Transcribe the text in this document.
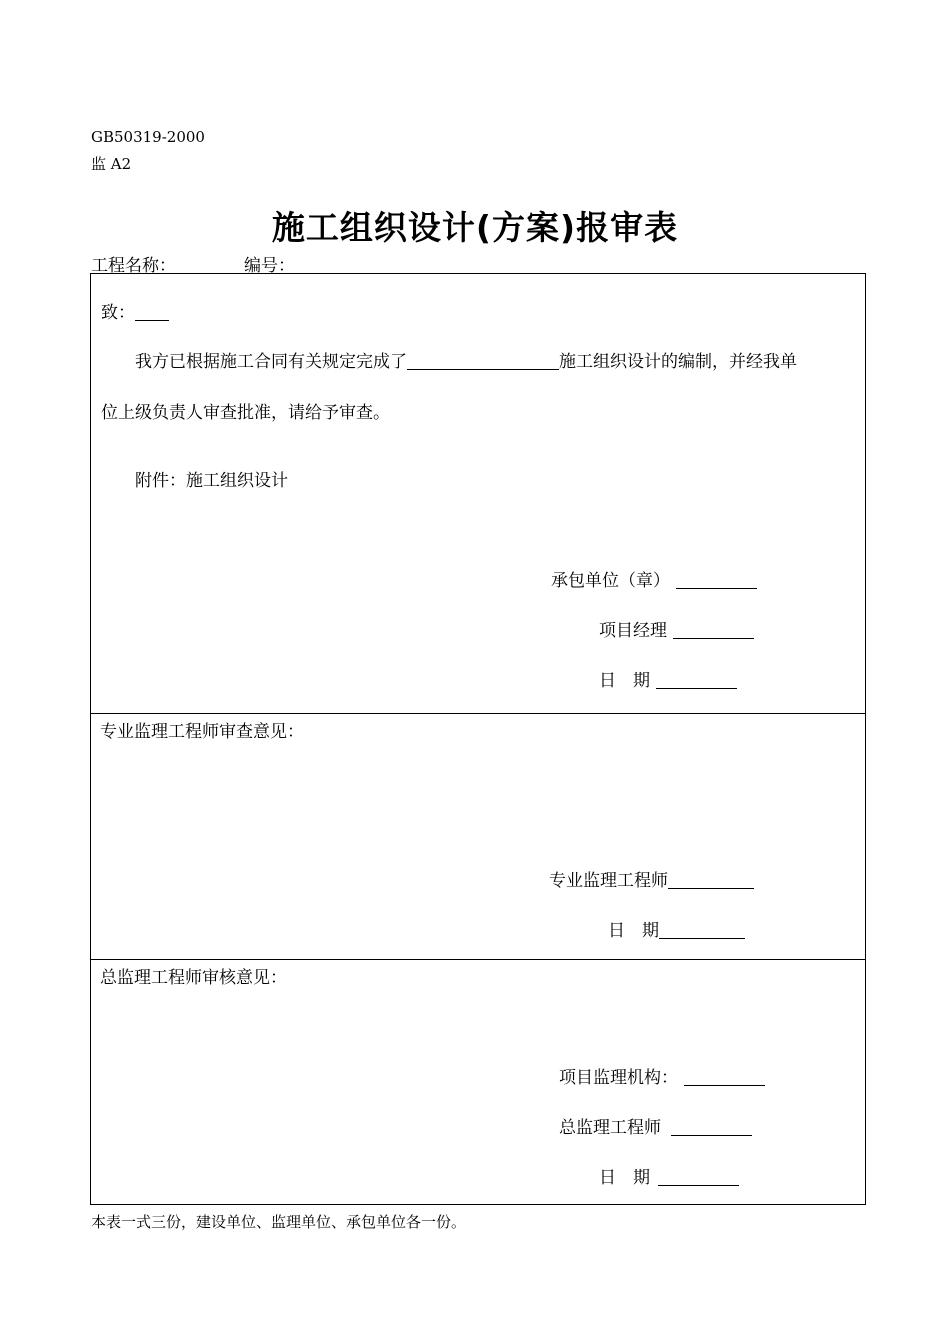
GB50319-2000
监 A2
施工组织设计(方案)报审表
工程名称：	编号：
致：
我方已根据施工合同有关规定完成了	施工组织设计的编制，并经我单
位上级负责人审查批准，请给予审查。
附件：施工组织设计
承包单位（章）
项目经理
日　期
专业监理工程师审查意见：
专业监理工程师
日　期
总监理工程师审核意见：
项目监理机构：
总监理工程师
日　期
本表一式三份，建设单位、监理单位、承包单位各一份。
